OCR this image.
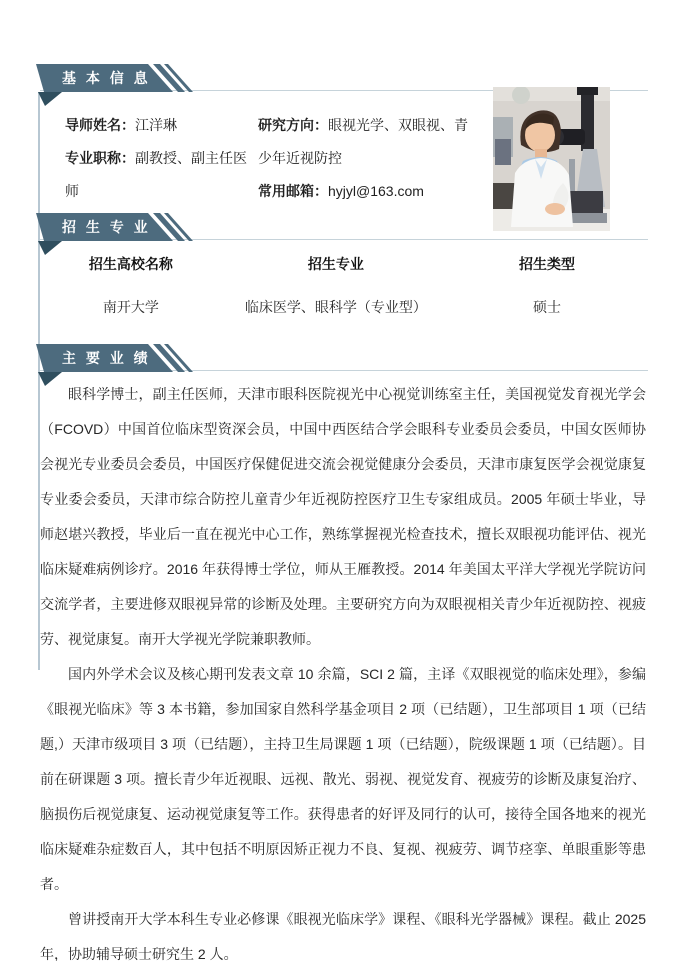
基 本 信 息
导师姓名：江洋琳
专业职称：副教授、副主任医师
研究方向：眼视光学、双眼视、青少年近视防控
常用邮箱：hyjyl@163.com
招 生 专 业
招生高校名称	招生专业	招生类型
南开大学	临床医学、眼科学（专业型）	硕士
主 要 业 绩

眼科学博士，副主任医师，天津市眼科医院视光中心视觉训练室主任，美国视觉发育视光学会（FCOVD）中国首位临床型资深会员，中国中西医结合学会眼科专业委员会委员，中国女医师协会视光专业委员会委员，中国医疗保健促进交流会视觉健康分会委员，天津市康复医学会视觉康复专业委会委员，天津市综合防控儿童青少年近视防控医疗卫生专家组成员。2005 年硕士毕业，导师赵堪兴教授，毕业后一直在视光中心工作，熟练掌握视光检查技术，擅长双眼视功能评估、视光临床疑难病例诊疗。2016 年获得博士学位，师从王雁教授。2014 年美国太平洋大学视光学院访问交流学者，主要进修双眼视异常的诊断及处理。主要研究方向为双眼视相关青少年近视防控、视疲劳、视觉康复。南开大学视光学院兼职教师。

国内外学术会议及核心期刊发表文章 10 余篇，SCI 2 篇，主译《双眼视觉的临床处理》，参编《眼视光临床》等 3 本书籍，参加国家自然科学基金项目 2 项（已结题），卫生部项目 1 项（已结题,）天津市级项目 3 项（已结题），主持卫生局课题 1 项（已结题），院级课题 1 项（已结题）。目前在研课题 3 项。擅长青少年近视眼、远视、散光、弱视、视觉发育、视疲劳的诊断及康复治疗、脑损伤后视觉康复、运动视觉康复等工作。获得患者的好评及同行的认可，接待全国各地来的视光临床疑难杂症数百人，其中包括不明原因矫正视力不良、复视、视疲劳、调节痉挛、单眼重影等患者。

曾讲授南开大学本科生专业必修课《眼视光临床学》课程、《眼科光学器械》课程。截止 2025 年，协助辅导硕士研究生 2 人。
